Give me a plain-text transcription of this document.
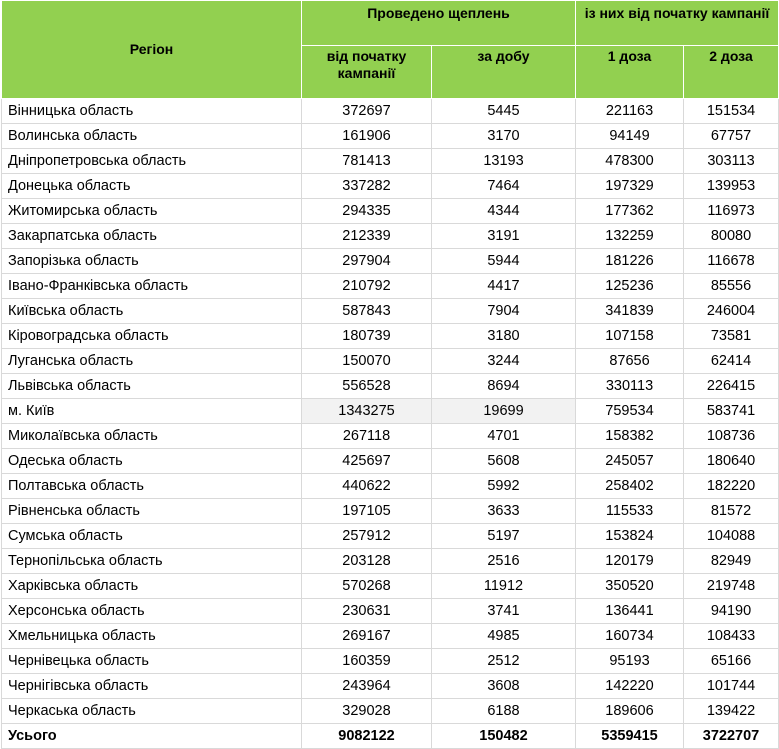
Регіон	Проведено щеплень		із них від початку кампанії	
	від початку кампанії	за добу	1 доза	2 доза
Вінницька область	372697	5445	221163	151534
Волинська область	161906	3170	94149	67757
Дніпропетровська область	781413	13193	478300	303113
Донецька область	337282	7464	197329	139953
Житомирська область	294335	4344	177362	116973
Закарпатська область	212339	3191	132259	80080
Запорізька область	297904	5944	181226	116678
Івано-Франківська область	210792	4417	125236	85556
Київська область	587843	7904	341839	246004
Кіровоградська область	180739	3180	107158	73581
Луганська область	150070	3244	87656	62414
Львівська область	556528	8694	330113	226415
м. Київ	1343275	19699	759534	583741
Миколаївська область	267118	4701	158382	108736
Одеська область	425697	5608	245057	180640
Полтавська область	440622	5992	258402	182220
Рівненська область	197105	3633	115533	81572
Сумська область	257912	5197	153824	104088
Тернопільська область	203128	2516	120179	82949
Харківська область	570268	11912	350520	219748
Херсонська область	230631	3741	136441	94190
Хмельницька область	269167	4985	160734	108433
Чернівецька область	160359	2512	95193	65166
Чернігівська область	243964	3608	142220	101744
Черкаська область	329028	6188	189606	139422
Усього	9082122	150482	5359415	3722707
